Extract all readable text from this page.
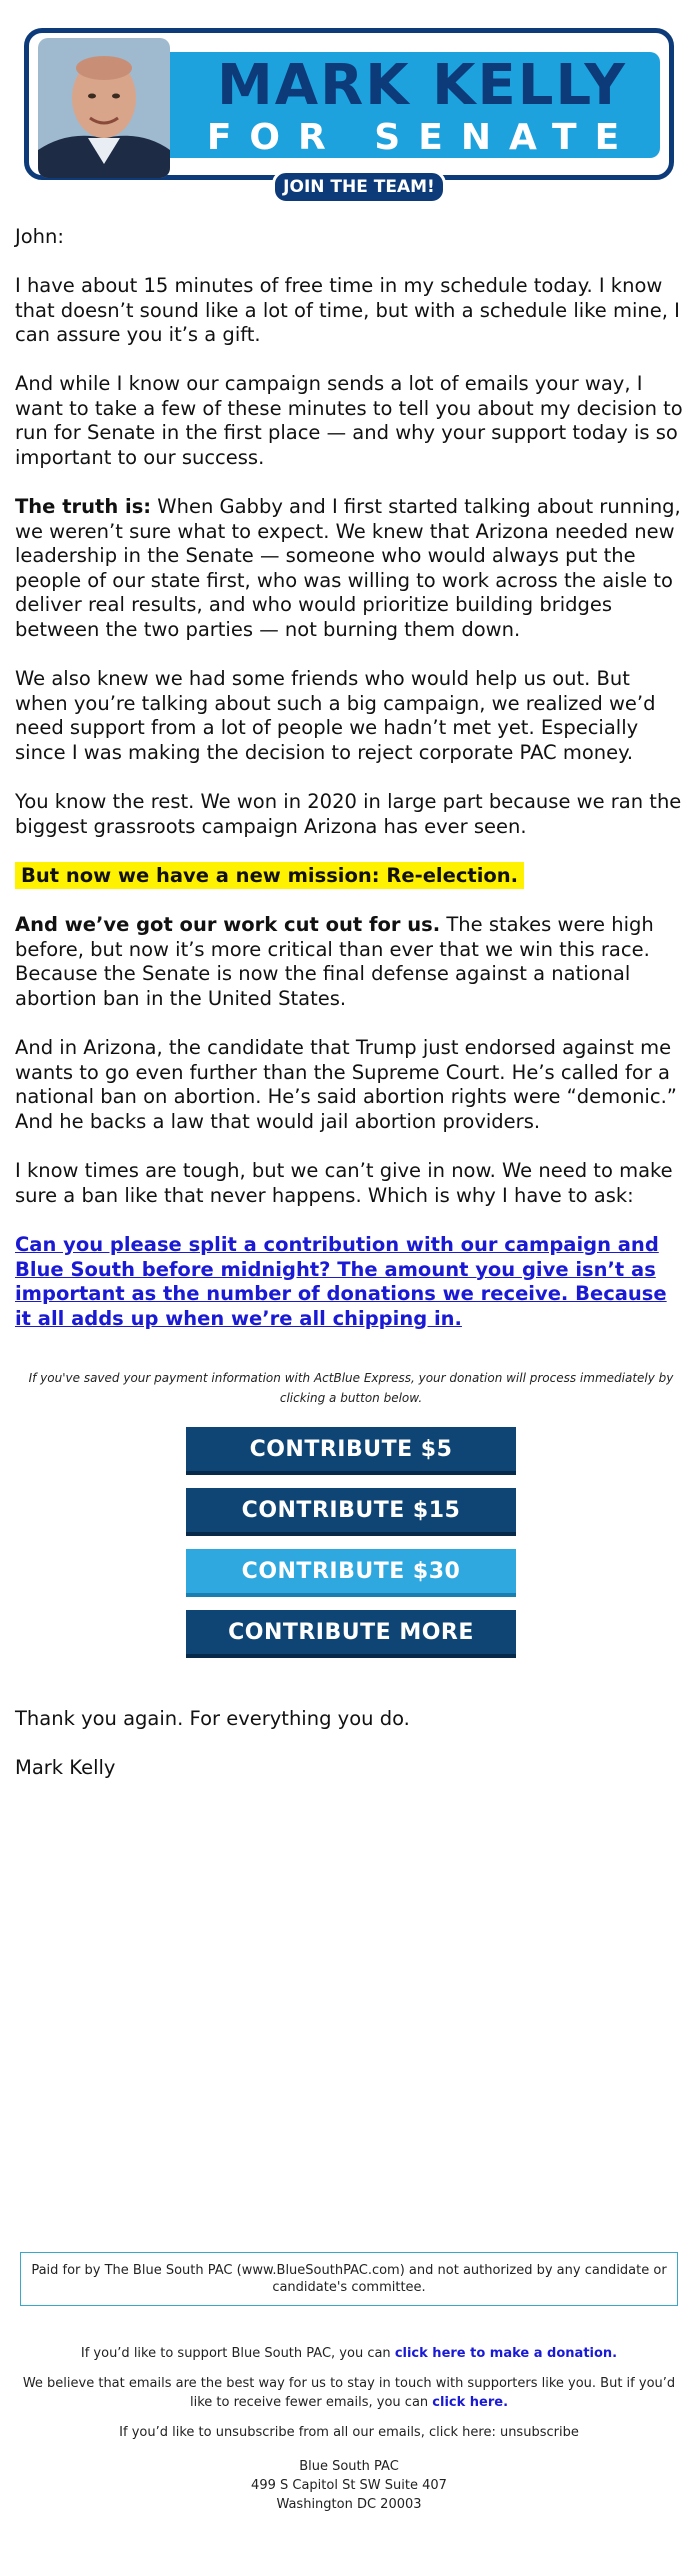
MARK KELLY
FOR SENATE
JOIN THE TEAM!

John:

I have about 15 minutes of free time in my schedule today. I know that doesn’t sound like a lot of time, but with a schedule like mine, I can assure you it’s a gift.

And while I know our campaign sends a lot of emails your way, I want to take a few of these minutes to tell you about my decision to run for Senate in the first place — and why your support today is so important to our success.

The truth is: When Gabby and I first started talking about running, we weren’t sure what to expect. We knew that Arizona needed new leadership in the Senate — someone who would always put the people of our state first, who was willing to work across the aisle to deliver real results, and who would prioritize building bridges between the two parties — not burning them down.

We also knew we had some friends who would help us out. But when you’re talking about such a big campaign, we realized we’d need support from a lot of people we hadn’t met yet. Especially since I was making the decision to reject corporate PAC money.

You know the rest. We won in 2020 in large part because we ran the biggest grassroots campaign Arizona has ever seen.

But now we have a new mission: Re-election.

And we’ve got our work cut out for us. The stakes were high before, but now it’s more critical than ever that we win this race. Because the Senate is now the final defense against a national abortion ban in the United States.

And in Arizona, the candidate that Trump just endorsed against me wants to go even further than the Supreme Court. He’s called for a national ban on abortion. He’s said abortion rights were “demonic.” And he backs a law that would jail abortion providers.

I know times are tough, but we can’t give in now. We need to make sure a ban like that never happens. Which is why I have to ask:

Can you please split a contribution with our campaign and Blue South before midnight? The amount you give isn’t as important as the number of donations we receive. Because it all adds up when we’re all chipping in.

If you've saved your payment information with ActBlue Express, your donation will process immediately by clicking a button below.

CONTRIBUTE $5
CONTRIBUTE $15
CONTRIBUTE $30
CONTRIBUTE MORE

Thank you again. For everything you do.

Mark Kelly

Paid for by The Blue South PAC (www.BlueSouthPAC.com) and not authorized by any candidate or candidate's committee.
If you’d like to support Blue South PAC, you can click here to make a donation.
We believe that emails are the best way for us to stay in touch with supporters like you. But if you’d like to receive fewer emails, you can click here.
If you’d like to unsubscribe from all our emails, click here: unsubscribe
Blue South PAC
499 S Capitol St SW Suite 407
Washington DC 20003
